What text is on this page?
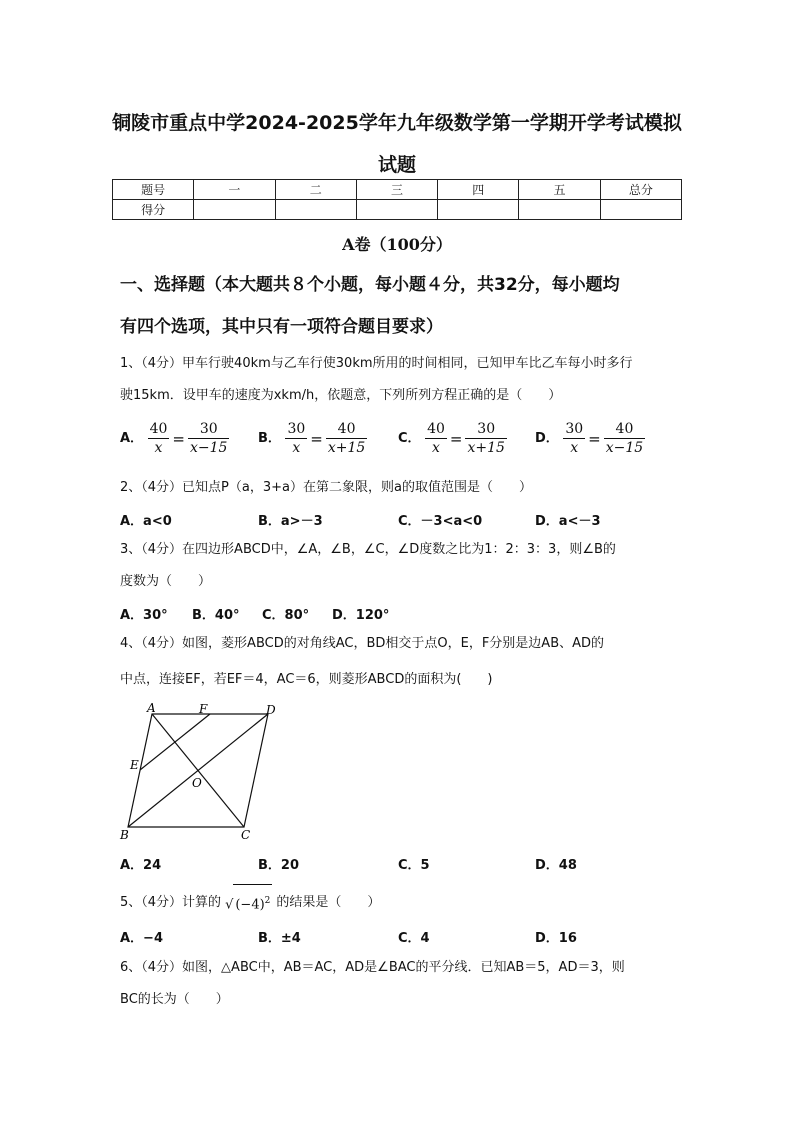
铜陵市重点中学2024-2025学年九年级数学第一学期开学考试模拟
试题
题号	一	二	三	四	五	总分
得分						
A卷（100分）
一、选择题（本大题共８个小题，每小题４分，共32分，每小题均
有四个选项，其中只有一项符合题目要求）
1、（4分）甲车行驶40km与乙车行使30km所用的时间相同，已知甲车比乙车每小时多行
驶15km．设甲车的速度为xkm/h，依题意，下列所列方程正确的是（　　）
A． $\frac{40}{x} = \frac{30}{x-15}$ B． $\frac{30}{x} = \frac{40}{x+15}$ C． $\frac{40}{x} = \frac{30}{x+15}$ D． $\frac{30}{x} = \frac{40}{x-15}$
2、（4分）已知点P（a，3+a）在第二象限，则a的取值范围是（　　）
A．a<0	B．a>－3	C．－3<a<0	D．a<－3
3、（4分）在四边形ABCD中，∠A，∠B，∠C，∠D度数之比为1：2：3：3，则∠B的
度数为（　　）
A．30° B．40° C．80° D．120°
4、（4分）如图，菱形ABCD的对角线AC，BD相交于点O，E，F分别是边AB、AD的
中点，连接EF，若EF＝4，AC＝6，则菱形ABCD的面积为(　　)
A	F	D
E
O
B	C
A．24	B．20	C．5	D．48
5、（4分）计算的 √ $(-4)^2$ 的结果是（　　）
A．−4	B．±4	C．4	D．16
6、（4分）如图，△ABC中，AB＝AC，AD是∠BAC的平分线．已知AB＝5，AD＝3，则
BC的长为（　　）
